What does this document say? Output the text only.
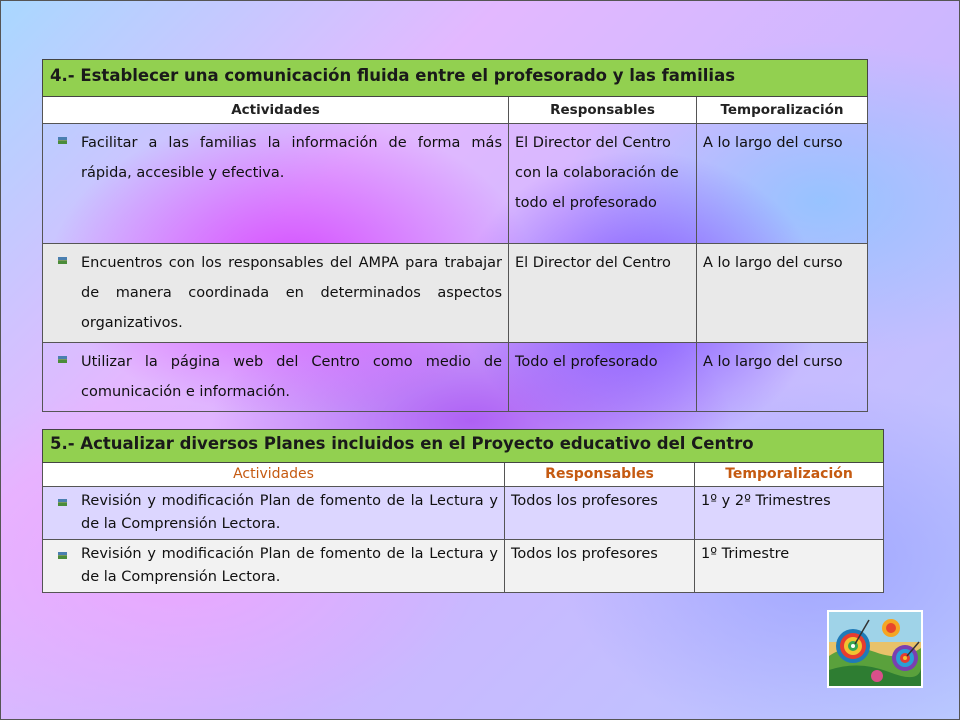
4.- Establecer una comunicación fluida entre el profesorado y las familias		
Actividades	Responsables	Temporalización

Facilitar a las familias la información de forma más rápida, accesible y efectiva.	El Director del Centro con la colaboración de todo el profesorado	A lo largo del curso

Encuentros con los responsables del AMPA para trabajar de manera coordinada en determinados aspectos organizativos.	El Director del Centro	A lo largo del curso

Utilizar la página web del Centro como medio de comunicación e información.	Todo el profesorado	A lo largo del curso
5.- Actualizar diversos Planes incluidos en el Proyecto educativo del Centro		
Actividades	Responsables	Temporalización

Revisión y modificación Plan de fomento de la Lectura y de la Comprensión Lectora.	Todos los profesores	1º y 2º Trimestres

Revisión y modificación Plan de fomento de la Lectura y de la Comprensión Lectora.	Todos los profesores	1º Trimestre
